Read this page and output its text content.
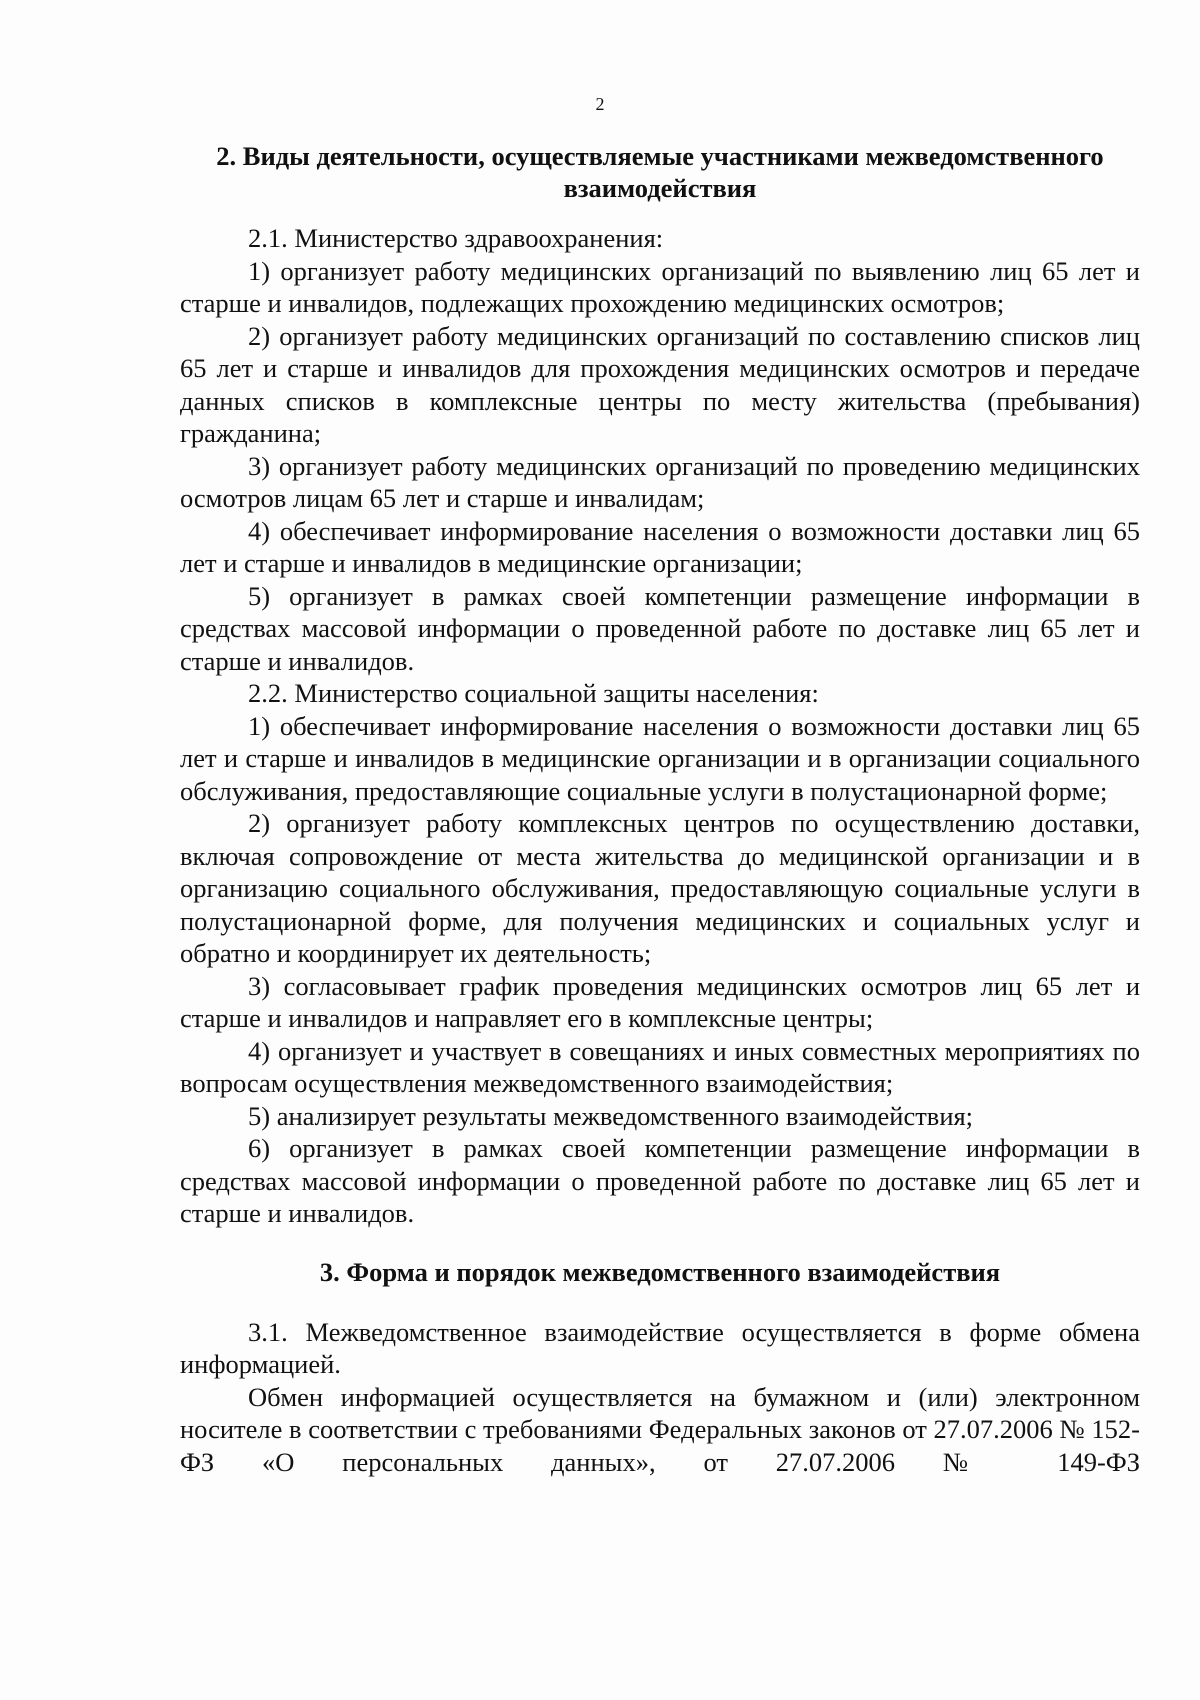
2

2. Виды деятельности, осуществляемые участниками межведомственного взаимодействия

2.1. Министерство здравоохранения:

1) организует работу медицинских организаций по выявлению лиц 65 лет и старше и инвалидов, подлежащих прохождению медицинских осмотров;

2) организует работу медицинских организаций по составлению списков лиц 65 лет и старше и инвалидов для прохождения медицинских осмотров и передаче данных списков в комплексные центры по месту жительства (пребывания) гражданина;

3) организует работу медицинских организаций по проведению медицинских осмотров лицам 65 лет и старше и инвалидам;

4) обеспечивает информирование населения о возможности доставки лиц 65 лет и старше и инвалидов в медицинские организации;

5) организует в рамках своей компетенции размещение информации в средствах массовой информации о проведенной работе по доставке лиц 65 лет и старше и инвалидов.

2.2. Министерство социальной защиты населения:

1) обеспечивает информирование населения о возможности доставки лиц 65 лет и старше и инвалидов в медицинские организации и в организации социального обслуживания, предоставляющие социальные услуги в полустационарной форме;

2) организует работу комплексных центров по осуществлению доставки, включая сопровождение от места жительства до медицинской организации и в организацию социального обслуживания, предоставляющую социальные услуги в полустационарной форме, для получения медицинских и социальных услуг и обратно и координирует их деятельность;

3) согласовывает график проведения медицинских осмотров лиц 65 лет и старше и инвалидов и направляет его в комплексные центры;

4) организует и участвует в совещаниях и иных совместных мероприятиях по вопросам осуществления межведомственного взаимодействия;

5) анализирует результаты межведомственного взаимодействия;

6) организует в рамках своей компетенции размещение информации в средствах массовой информации о проведенной работе по доставке лиц 65 лет и старше и инвалидов.

3. Форма и порядок межведомственного взаимодействия

3.1. Межведомственное взаимодействие осуществляется в форме обмена информацией.

Обмен информацией осуществляется на бумажном и (или) электронном носителе в соответствии с требованиями Федеральных законов от 27.07.2006 № 152-ФЗ «О персональных данных», от 27.07.2006 № 149-ФЗ
